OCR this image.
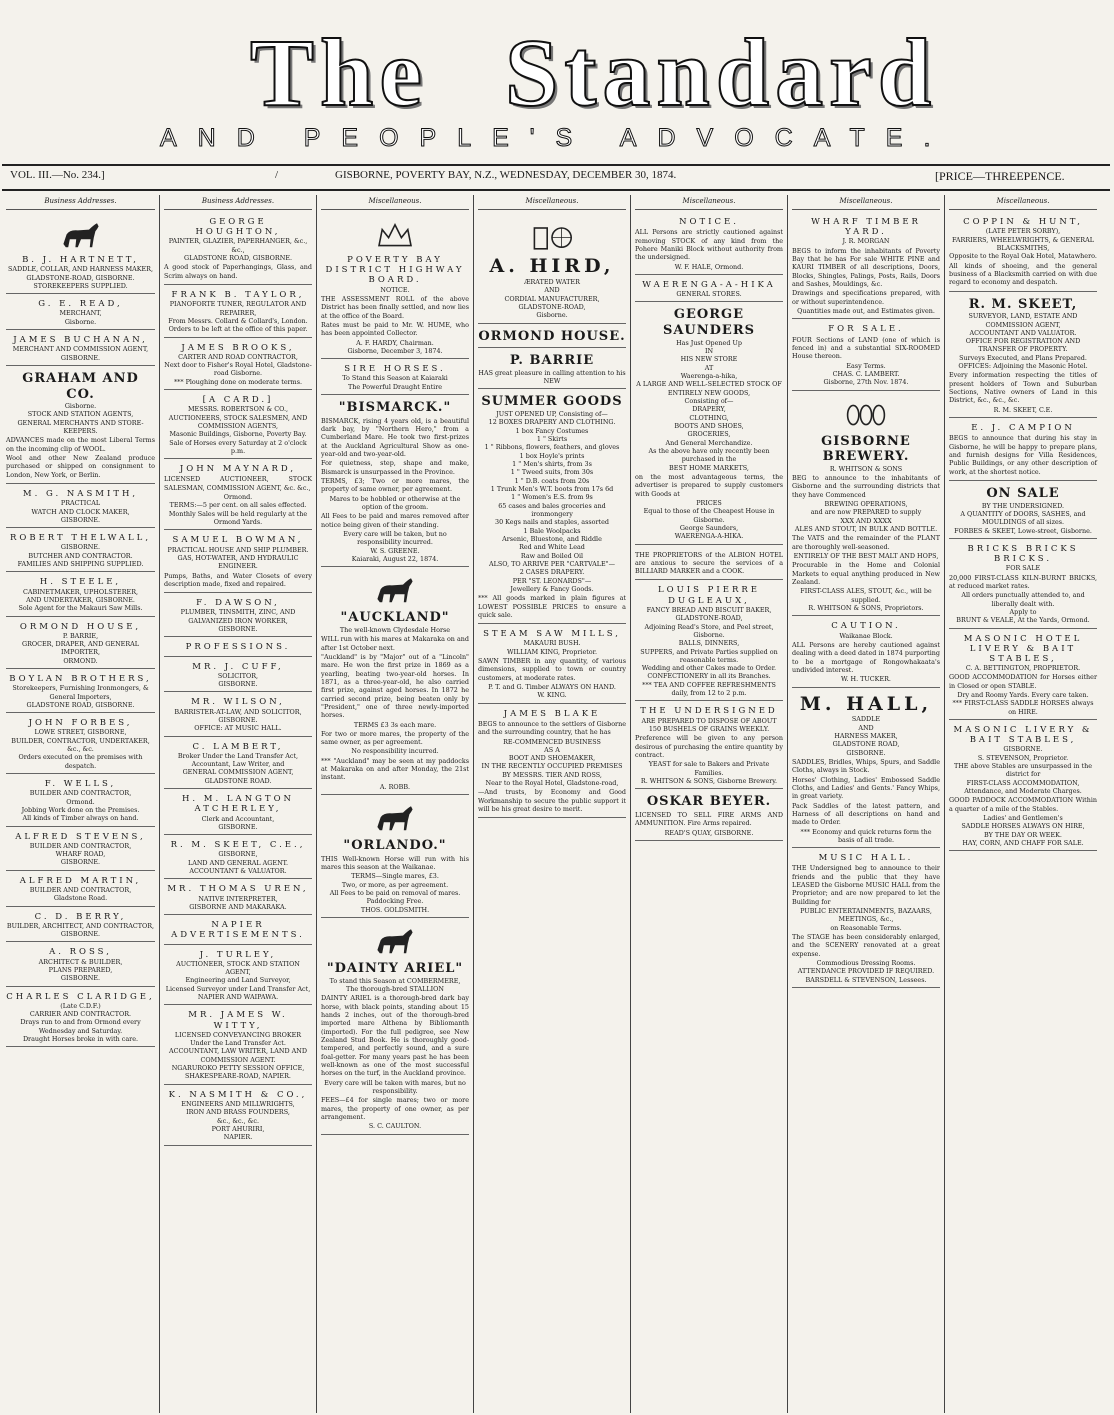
The Standard
AND PEOPLE'S ADVOCATE.
VOL. III.—No. 234.]	/	GISBORNE, POVERTY BAY, N.Z., WEDNESDAY, DECEMBER 30, 1874.	[PRICE—THREEPENCE.
Business Addresses.
B. J. HARTNETT,
SADDLE, COLLAR, AND HARNESS MAKER,
GLADSTONE-ROAD, GISBORNE.
STOREKEEPERS SUPPLIED.
G. E. READ,
MERCHANT,
Gisborne.
JAMES BUCHANAN,
MERCHANT AND COMMISSION AGENT,
GISBORNE.
GRAHAM AND CO.
Gisborne.
STOCK AND STATION AGENTS,
GENERAL MERCHANTS AND STORE-KEEPERS.

ADVANCES made on the most Liberal Terms on the incoming clip of WOOL.

Wool and other New Zealand produce purchased or shipped on consignment to London, New York, or Berlin.

M. G. NASMITH,
PRACTICAL
WATCH AND CLOCK MAKER,
GISBORNE.
ROBERT THELWALL,
GISBORNE.
BUTCHER AND CONTRACTOR.
FAMILIES AND SHIPPING SUPPLIED.
H. STEELE,
CABINETMAKER, UPHOLSTERER,
AND UNDERTAKER, GISBORNE.
Sole Agent for the Makauri Saw Mills.
ORMOND HOUSE,
P. BARRIE,
GROCER, DRAPER, AND GENERAL IMPORTER,
ORMOND.
BOYLAN BROTHERS,
Storekeepers, Furnishing Ironmongers, & General Importers,
GLADSTONE ROAD, GISBORNE.
JOHN FORBES,
LOWE STREET, GISBORNE,
BUILDER, CONTRACTOR, UNDERTAKER, &c., &c.
Orders executed on the premises with despatch.
F. WELLS,
BUILDER AND CONTRACTOR,
Ormond.
Jobbing Work done on the Premises.
All kinds of Timber always on hand.
ALFRED STEVENS,
BUILDER AND CONTRACTOR,
WHARF ROAD,
GISBORNE.
ALFRED MARTIN,
BUILDER AND CONTRACTOR,
Gladstone Road.
C. D. BERRY,
BUILDER, ARCHITECT, AND CONTRACTOR,
GISBORNE.
A. ROSS,
ARCHITECT & BUILDER,
PLANS PREPARED,
GISBORNE.
CHARLES CLARIDGE,
(Late C.D.F.)
CARRIER AND CONTRACTOR.
Drays run to and from Ormond every Wednesday and Saturday.
Draught Horses broke in with care.
Business Addresses.
GEORGE HOUGHTON,
PAINTER, GLAZIER, PAPERHANGER, &c., &c.,
GLADSTONE ROAD, GISBORNE.

A good stock of Paperhangings, Glass, and Scrim always on hand.

FRANK B. TAYLOR,
PIANOFORTE TUNER, REGULATOR AND REPAIRER,
From Messrs. Collard & Collard's, London.
Orders to be left at the office of this paper.
JAMES BROOKS,
CARTER AND ROAD CONTRACTOR,
Next door to Fisher's Royal Hotel, Gladstone-road Gisborne.
*** Ploughing done on moderate terms.
[A CARD.]
MESSRS. ROBERTSON & CO.,
AUCTIONEERS, STOCK SALESMEN, AND COMMISSION AGENTS,
Masonic Buildings, Gisborne, Poverty Bay.
Sale of Horses every Saturday at 2 o'clock p.m.
JOHN MAYNARD,

LICENSED AUCTIONEER, STOCK SALESMAN, COMMISSION AGENT, &c. &c.,

Ormond.
TERMS:—5 per cent. on all sales effected.
Monthly Sales will be held regularly at the Ormond Yards.
SAMUEL BOWMAN,
PRACTICAL HOUSE AND SHIP PLUMBER.
GAS, HOT-WATER, AND HYDRAULIC ENGINEER.

Pumps, Baths, and Water Closets of every description made, fixed and repaired.

F. DAWSON,
PLUMBER, TINSMITH, ZINC, AND GALVANIZED IRON WORKER,
GISBORNE.
PROFESSIONS.
MR. J. CUFF,
SOLICITOR,
GISBORNE.
MR. WILSON,
BARRISTER-AT-LAW, AND SOLICITOR,
GISBORNE.
OFFICE: AT MUSIC HALL.
C. LAMBERT,
Broker Under the Land Transfer Act,
Accountant, Law Writer, and
GENERAL COMMISSION AGENT,
GLADSTONE ROAD.
H. M. LANGTON ATCHERLEY,
Clerk and Accountant,
GISBORNE.
R. M. SKEET, C.E.,
GISBORNE,
LAND AND GENERAL AGENT.
ACCOUNTANT & VALUATOR.
MR. THOMAS UREN,
NATIVE INTERPRETER,
GISBORNE AND MAKARAKA.
NAPIER ADVERTISEMENTS.
J. TURLEY,
AUCTIONEER, STOCK AND STATION AGENT,
Engineering and Land Surveyor,
Licensed Surveyor under Land Transfer Act,
NAPIER AND WAIPAWA.
MR. JAMES W. WITTY,
LICENSED CONVEYANCING BROKER
Under the Land Transfer Act.
ACCOUNTANT, LAW WRITER, LAND AND COMMISSION AGENT.
NGARUROKO PETTY SESSION OFFICE, SHAKESPEARE-ROAD, NAPIER.
K. NASMITH & CO.,
ENGINEERS AND MILLWRIGHTS,
IRON AND BRASS FOUNDERS,
&c., &c., &c.
PORT AHURIRI,
NAPIER.
Miscellaneous.
POVERTY BAY DISTRICT HIGHWAY BOARD.
NOTICE.

THE ASSESSMENT ROLL of the above District has been finally settled, and now lies at the office of the Board.

Rates must be paid to Mr. W. HUME, who has been appointed Collector.

A. F. HARDY, Chairman.
Gisborne, December 3, 1874.
SIRE HORSES.
To Stand this Season at Kaiaraki
The Powerful Draught Entire
"BISMARCK."

BISMARCK, rising 4 years old, is a beautiful dark bay, by "Northern Hero," from a Cumberland Mare. He took two first-prizes at the Auckland Agricultural Show as one-year-old and two-year-old.

For quietness, step, shape and make, Bismarck is unsurpassed in the Province.

TERMS, £3; Two or more mares, the property of same owner, per agreement.

Mares to be hobbled or otherwise at the option of the groom.

All Fees to be paid and mares removed after notice being given of their standing.

Every care will be taken, but no responsibility incurred.
W. S. GREENE.
Kaiaraki, August 22, 1874.
"AUCKLAND"
The well-known Clydesdale Horse

WILL run with his mares at Makaraka on and after 1st October next.

"Auckland" is by "Major" out of a "Lincoln" mare. He won the first prize in 1869 as a yearling, beating two-year-old horses. In 1871, as a three-year-old, he also carried first prize, against aged horses. In 1872 he carried second prize, being beaten only by "President," one of three newly-imported horses.

TERMS £3 3s each mare.

For two or more mares, the property of the same owner, as per agreement.

No responsibility incurred.

*** "Auckland" may be seen at my paddocks at Makaraka on and after Monday, the 21st instant.

A. ROBB.
"ORLANDO."

THIS Well-known Horse will run with his mares this season at the Waikanae.

TERMS—Single mares, £3.
Two, or more, as per agreement.
All Fees to be paid on removal of mares.
Paddocking Free.
THOS. GOLDSMITH.
"DAINTY ARIEL"
To stand this Season at COMBERMERE,
The thorough-bred STALLION

DAINTY ARIEL is a thorough-bred dark bay horse, with black points, standing about 15 hands 2 inches, out of the thorough-bred imported mare Althena by Bibliomanth (imported). For the full pedigree, see New Zealand Stud Book. He is thoroughly good-tempered, and perfectly sound, and a sure foal-getter. For many years past he has been well-known as one of the most successful horses on the turf, in the Auckland province.

Every care will be taken with mares, but no responsibility.

FEES—£4 for single mares; two or more mares, the property of one owner, as per arrangement.

S. C. CAULTON.
Miscellaneous.
A. HIRD,
ÆRATED WATER
AND
CORDIAL MANUFACTURER,
GLADSTONE-ROAD,
Gisborne.
ORMOND HOUSE.
P. BARRIE
HAS great pleasure in calling attention to his NEW
SUMMER GOODS
JUST OPENED UP, Consisting of—
12 BOXES DRAPERY AND CLOTHING.
1 box Fancy Costumes
1 " Skirts
1 " Ribbons, flowers, feathers, and gloves
1 box Hoyle's prints
1 " Men's shirts, from 3s
1 " Tweed suits, from 30s
1 " D.B. coats from 20s
1 Trunk Men's W.T. boots from 17s 6d
1 " Women's E.S. from 9s
65 cases and bales groceries and ironmongery
30 Kegs nails and staples, assorted
1 Bale Woolpacks
Arsenic, Bluestone, and Riddle
Red and White Lead
Raw and Boiled Oil
ALSO, TO ARRIVE PER "CARTVALE"—
2 CASES DRAPERY.
PER "ST. LEONARDS"—
Jewellery & Fancy Goods.

*** All goods marked in plain figures at LOWEST POSSIBLE PRICES to ensure a quick sale.

STEAM SAW MILLS,
MAKAURI BUSH.
WILLIAM KING, Proprietor.

SAWN TIMBER in any quantity, of various dimensions, supplied to town or country customers, at moderate rates.

P. T. and G. Timber ALWAYS ON HAND.
W. KING.
JAMES BLAKE

BEGS to announce to the settlers of Gisborne and the surrounding country, that he has

RE-COMMENCED BUSINESS
AS A
BOOT AND SHOEMAKER,
IN THE RECENTLY OCCUPIED PREMISES BY MESSRS. TIER AND ROSS,
Near to the Royal Hotel, Gladstone-road,

—And trusts, by Economy and Good Workmanship to secure the public support it will be his great desire to merit.

Miscellaneous.
NOTICE.

ALL Persons are strictly cautioned against removing STOCK of any kind from the Pohere Maniki Block without authority from the undersigned.

W. F. HALE, Ormond.
WAERENGA-A-HIKA
GENERAL STORES.
GEORGE SAUNDERS
Has Just Opened Up
IN
HIS NEW STORE
AT
Waerenga-a-hika,
A LARGE AND WELL-SELECTED STOCK OF
ENTIRELY NEW GOODS,
Consisting of—
DRAPERY,
CLOTHING,
BOOTS AND SHOES,
GROCERIES,
And General Merchandize.
As the above have only recently been purchased in the
BEST HOME MARKETS,

on the most advantageous terms, the advertiser is prepared to supply customers with Goods at

PRICES
Equal to those of the Cheapest House in Gisborne.
George Saunders,
WAERENGA-A-HIKA.

THE PROPRIETORS of the ALBION HOTEL are anxious to secure the services of a BILLIARD MARKER and a COOK.

LOUIS PIERRE DUGLEAUX,
FANCY BREAD AND BISCUIT BAKER,
GLADSTONE-ROAD,
Adjoining Read's Store, and Peel street, Gisborne.
BALLS, DINNERS,
SUPPERS, and Private Parties supplied on reasonable terms.
Wedding and other Cakes made to Order.
CONFECTIONERY in all its Branches.
*** TEA AND COFFEE REFRESHMENTS daily, from 12 to 2 p.m.
THE UNDERSIGNED
ARE PREPARED TO DISPOSE OF ABOUT
150 BUSHELS OF GRAINS WEEKLY.

Preference will be given to any person desirous of purchasing the entire quantity by contract.

YEAST for sale to Bakers and Private Families.
R. WHITSON & SONS, Gisborne Brewery.
OSKAR BEYER.

LICENSED TO SELL FIRE ARMS AND AMMUNITION. Fire Arms repaired.

READ'S QUAY, GISBORNE.
Miscellaneous.
WHARF TIMBER YARD.
J. R. MORGAN

BEGS to inform the inhabitants of Poverty Bay that he has For sale WHITE PINE and KAURI TIMBER of all descriptions, Doors, Blocks, Shingles, Palings, Posts, Rails, Doors and Sashes, Mouldings, &c.

Drawings and specifications prepared, with or without superintendence.

Quantities made out, and Estimates given.
FOR SALE.

FOUR Sections of LAND (one of which is fenced in) and a substantial SIX-ROOMED House thereon.

Easy Terms.
CHAS. C. LAMBERT.
Gisborne, 27th Nov. 1874.
GISBORNE BREWERY.
R. WHITSON & SONS

BEG to announce to the inhabitants of Gisborne and the surrounding districts that they have Commenced

BREWING OPERATIONS,
and are now PREPARED to supply
XXX AND XXXX
ALES AND STOUT, IN BULK AND BOTTLE.

The VATS and the remainder of the PLANT are thoroughly well-seasoned.

ENTIRELY OF THE BEST MALT AND HOPS,

Procurable in the Home and Colonial Markets to equal anything produced in New Zealand.

FIRST-CLASS ALES, STOUT, &c., will be supplied.
R. WHITSON & SONS, Proprietors.
CAUTION.
Waikanae Block.

ALL Persons are hereby cautioned against dealing with a deed dated in 1874 purporting to be a mortgage of Rongowhakaata's undivided interest.

W. H. TUCKER.
M. HALL,
SADDLE
AND
HARNESS MAKER,
GLADSTONE ROAD,
GISBORNE.

SADDLES, Bridles, Whips, Spurs, and Saddle Cloths, always in Stock.

Horses' Clothing, Ladies' Embossed Saddle Cloths, and Ladies' and Gents.' Fancy Whips, in great variety.

Pack Saddles of the latest pattern, and Harness of all descriptions on hand and made to Order.

*** Economy and quick returns form the basis of all trade.
MUSIC HALL.

THE Undersigned beg to announce to their friends and the public that they have LEASED the Gisborne MUSIC HALL from the Proprietor; and are now prepared to let the Building for

PUBLIC ENTERTAINMENTS, BAZAARS, MEETINGS, &c.,
on Reasonable Terms.

The STAGE has been considerably enlarged, and the SCENERY renovated at a great expense.

Commodious Dressing Rooms.
ATTENDANCE PROVIDED IF REQUIRED.
BARSDELL & STEVENSON, Lessees.
Miscellaneous.
COPPIN & HUNT,
(LATE PETER SORBY),
FARRIERS, WHEELWRIGHTS, & GENERAL BLACKSMITHS,
Opposite to the Royal Oak Hotel, Matawhero.

All kinds of shoeing, and the general business of a Blacksmith carried on with due regard to economy and despatch.

R. M. SKEET,
SURVEYOR, LAND, ESTATE AND COMMISSION AGENT,
ACCOUNTANT AND VALUATOR.
OFFICE FOR REGISTRATION AND TRANSFER OF PROPERTY.
Surveys Executed, and Plans Prepared.
OFFICES: Adjoining the Masonic Hotel.

Every information respecting the titles of present holders of Town and Suburban Sections, Native owners of Land in this District, &c., &c., &c.

R. M. SKEET, C.E.
E. J. CAMPION

BEGS to announce that during his stay in Gisborne, he will be happy to prepare plans, and furnish designs for Villa Residences, Public Buildings, or any other description of work, at the shortest notice.

ON SALE
BY THE UNDERSIGNED.
A QUANTITY of DOORS, SASHES, and MOULDINGS of all sizes.
FORBES & SKEET, Lowe-street, Gisborne.
BRICKS BRICKS BRICKS.
FOR SALE

20,000 FIRST-CLASS KILN-BURNT BRICKS, at reduced market rates.

All orders punctually attended to, and liberally dealt with.
Apply to
BRUNT & VEALE, At the Yards, Ormond.
MASONIC HOTEL LIVERY & BAIT STABLES,
C. A. BETTINGTON, PROPRIETOR.

GOOD ACCOMMODATION for Horses either in Closed or open STABLE.

Dry and Roomy Yards. Every care taken.
*** FIRST-CLASS SADDLE HORSES always on HIRE.
MASONIC LIVERY & BAIT STABLES,
GISBORNE.
S. STEVENSON, Proprietor.
THE above Stables are unsurpassed in the district for
FIRST-CLASS ACCOMMODATION,
Attendance, and Moderate Charges.

GOOD PADDOCK ACCOMMODATION Within a quarter of a mile of the Stables.

Ladies' and Gentlemen's
SADDLE HORSES ALWAYS ON HIRE,
BY THE DAY OR WEEK.
HAY, CORN, AND CHAFF FOR SALE.
